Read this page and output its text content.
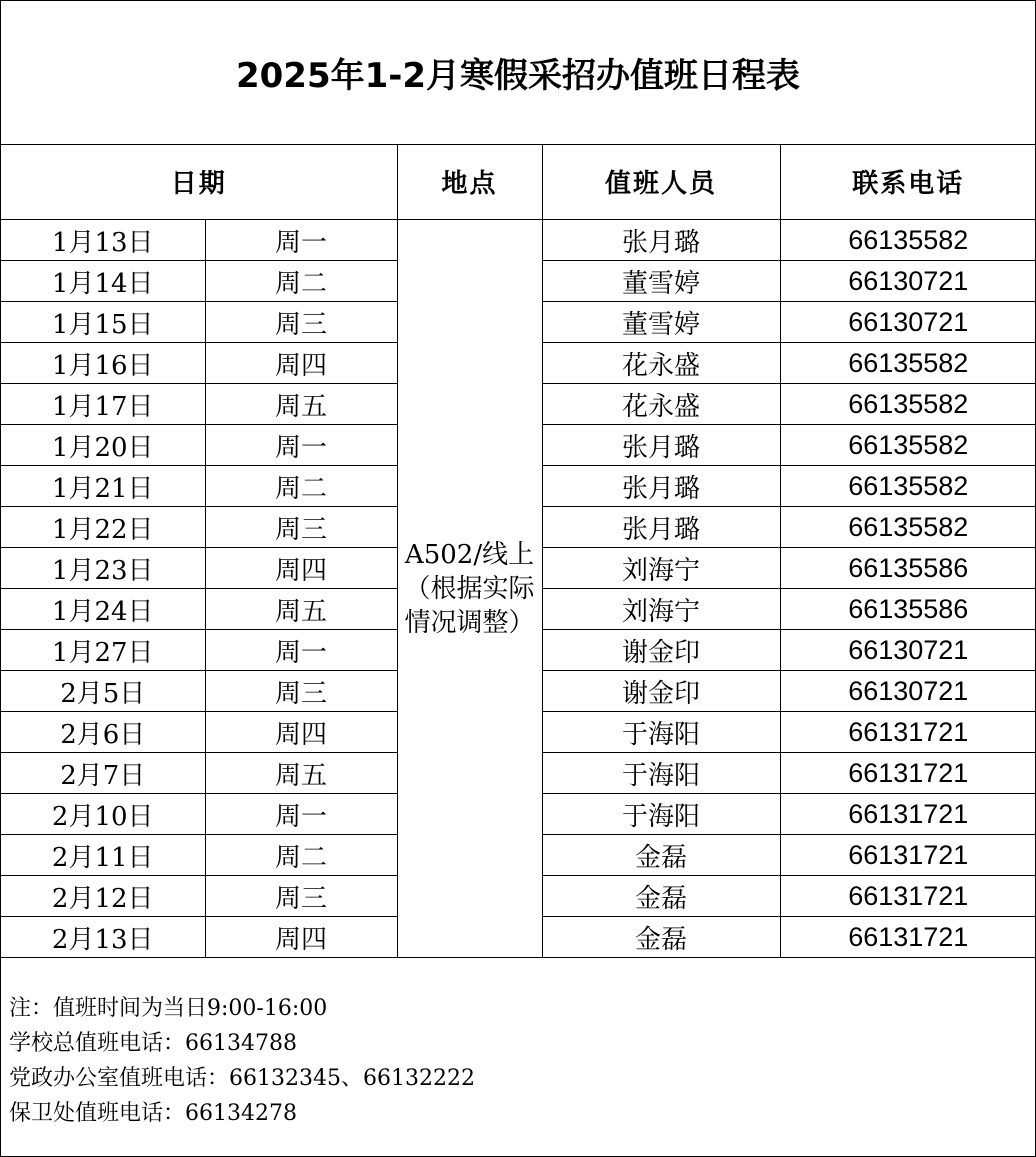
2025年1-2月寒假采招办值班日程表
日期		地点	值班人员	联系电话
1月13日	周一	A502/线上（根据实际情况调整）	张月璐	66135582
1月14日	周二		董雪婷	66130721
1月15日	周三		董雪婷	66130721
1月16日	周四		花永盛	66135582
1月17日	周五		花永盛	66135582
1月20日	周一		张月璐	66135582
1月21日	周二		张月璐	66135582
1月22日	周三		张月璐	66135582
1月23日	周四		刘海宁	66135586
1月24日	周五		刘海宁	66135586
1月27日	周一		谢金印	66130721
2月5日	周三		谢金印	66130721
2月6日	周四		于海阳	66131721
2月7日	周五		于海阳	66131721
2月10日	周一		于海阳	66131721
2月11日	周二		金磊	66131721
2月12日	周三		金磊	66131721
2月13日	周四		金磊	66131721
注：值班时间为当日9:00-16:00
学校总值班电话：66134788
党政办公室值班电话：66132345、66132222
保卫处值班电话：66134278
